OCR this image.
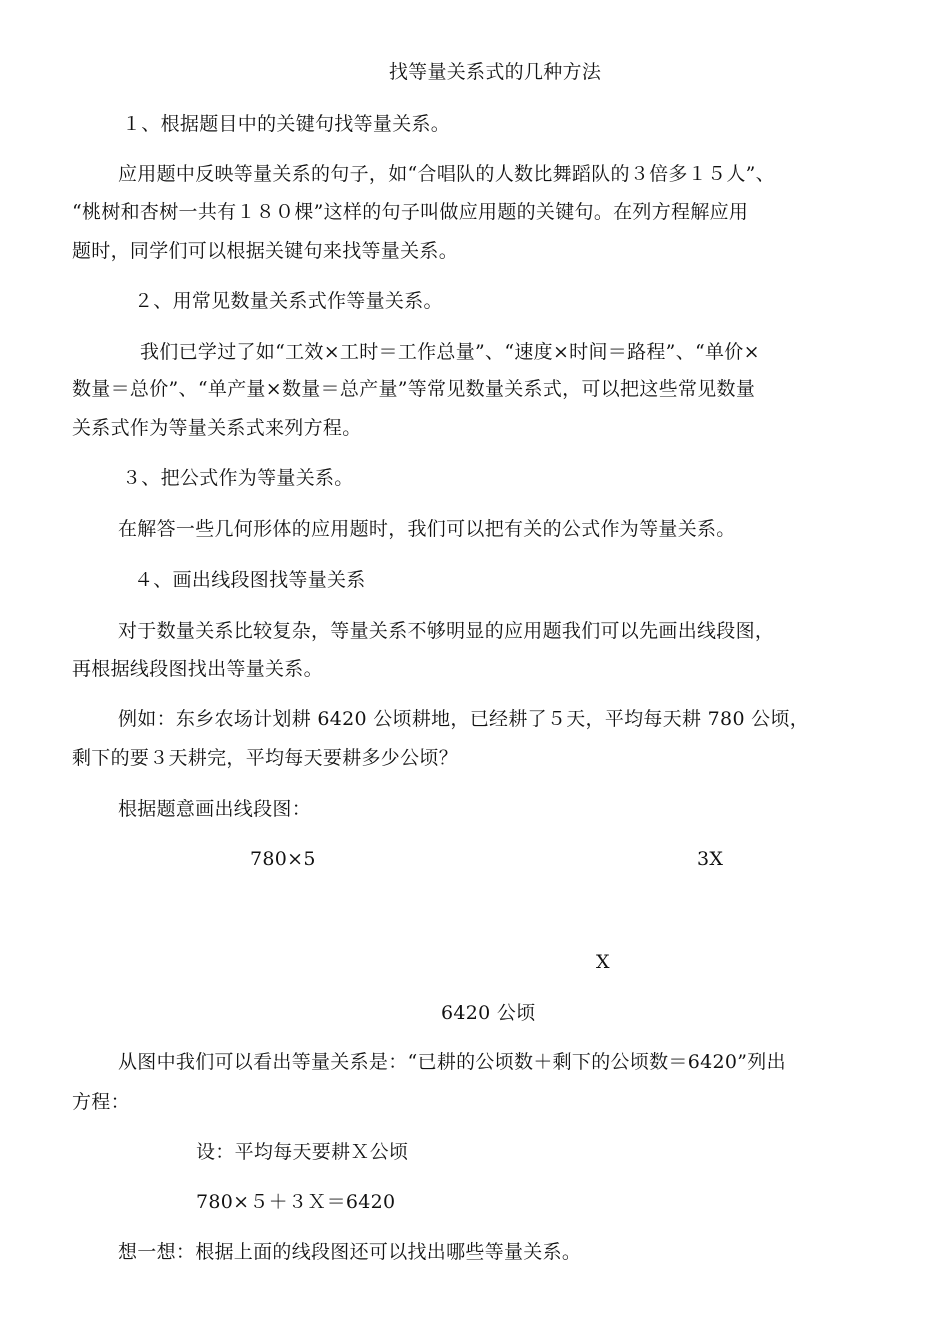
找等量关系式的几种方法
１、根据题目中的关键句找等量关系。
应用题中反映等量关系的句子，如“合唱队的人数比舞蹈队的３倍多１５人”、
“桃树和杏树一共有１８０棵”这样的句子叫做应用题的关键句。在列方程解应用
题时，同学们可以根据关键句来找等量关系。
２、用常见数量关系式作等量关系。
我们已学过了如“工效×工时＝工作总量”、“速度×时间＝路程”、“单价×
数量＝总价”、“单产量×数量＝总产量”等常见数量关系式，可以把这些常见数量
关系式作为等量关系式来列方程。
３、把公式作为等量关系。
在解答一些几何形体的应用题时，我们可以把有关的公式作为等量关系。
４、画出线段图找等量关系
对于数量关系比较复杂，等量关系不够明显的应用题我们可以先画出线段图，
再根据线段图找出等量关系。
例如：东乡农场计划耕 6420 公顷耕地，已经耕了５天，平均每天耕 780 公顷，
剩下的要３天耕完，平均每天要耕多少公顷？
根据题意画出线段图：
780×5	3X
X
6420 公顷
从图中我们可以看出等量关系是：“已耕的公顷数＋剩下的公顷数＝6420”列出
方程：
设：平均每天要耕Ｘ公顷
780×５＋３Ｘ＝6420
想一想：根据上面的线段图还可以找出哪些等量关系。
